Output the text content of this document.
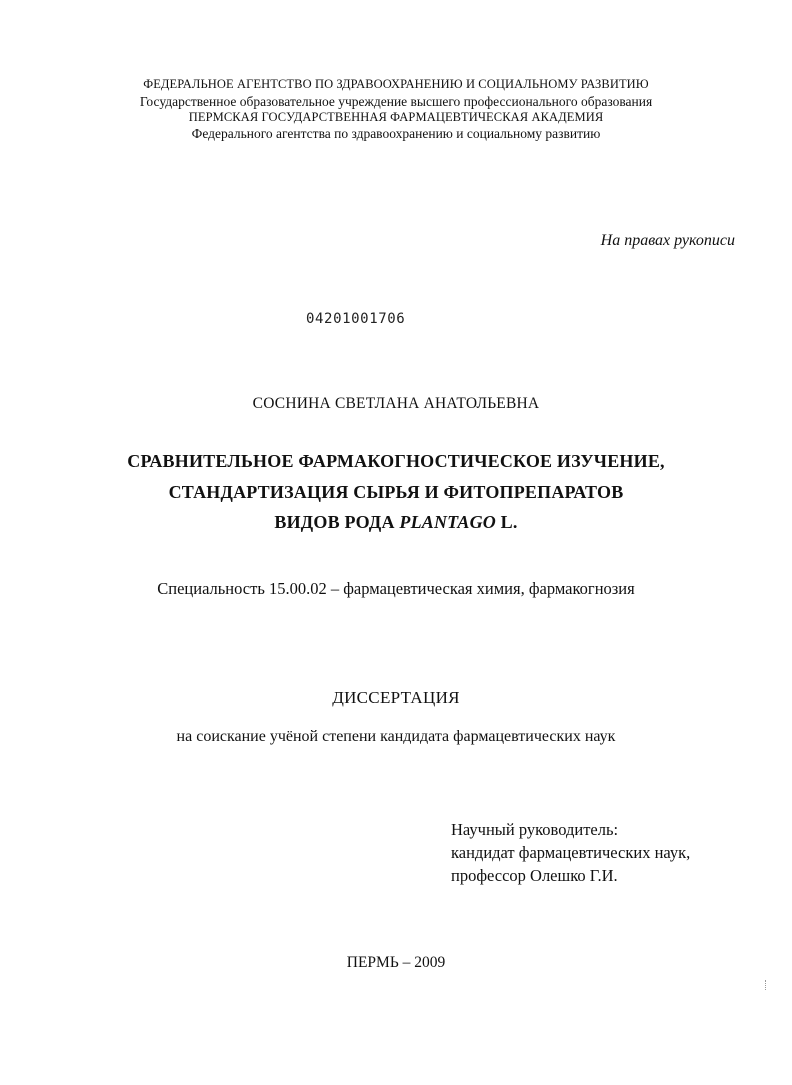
ФЕДЕРАЛЬНОЕ АГЕНТСТВО ПО ЗДРАВООХРАНЕНИЮ И СОЦИАЛЬНОМУ РАЗВИТИЮ
Государственное образовательное учреждение высшего профессионального образования
ПЕРМСКАЯ ГОСУДАРСТВЕННАЯ ФАРМАЦЕВТИЧЕСКАЯ АКАДЕМИЯ
Федерального агентства по здравоохранению и социальному развитию
На правах рукописи
04201001706
СОСНИНА СВЕТЛАНА АНАТОЛЬЕВНА
СРАВНИТЕЛЬНОЕ ФАРМАКОГНОСТИЧЕСКОЕ ИЗУЧЕНИЕ,
СТАНДАРТИЗАЦИЯ СЫРЬЯ И ФИТОПРЕПАРАТОВ
ВИДОВ РОДА PLANTAGO L.
Специальность 15.00.02 – фармацевтическая химия, фармакогнозия
ДИССЕРТАЦИЯ
на соискание учёной степени кандидата фармацевтических наук
Научный руководитель:
кандидат фармацевтических наук,
профессор Олешко Г.И.
ПЕРМЬ – 2009
